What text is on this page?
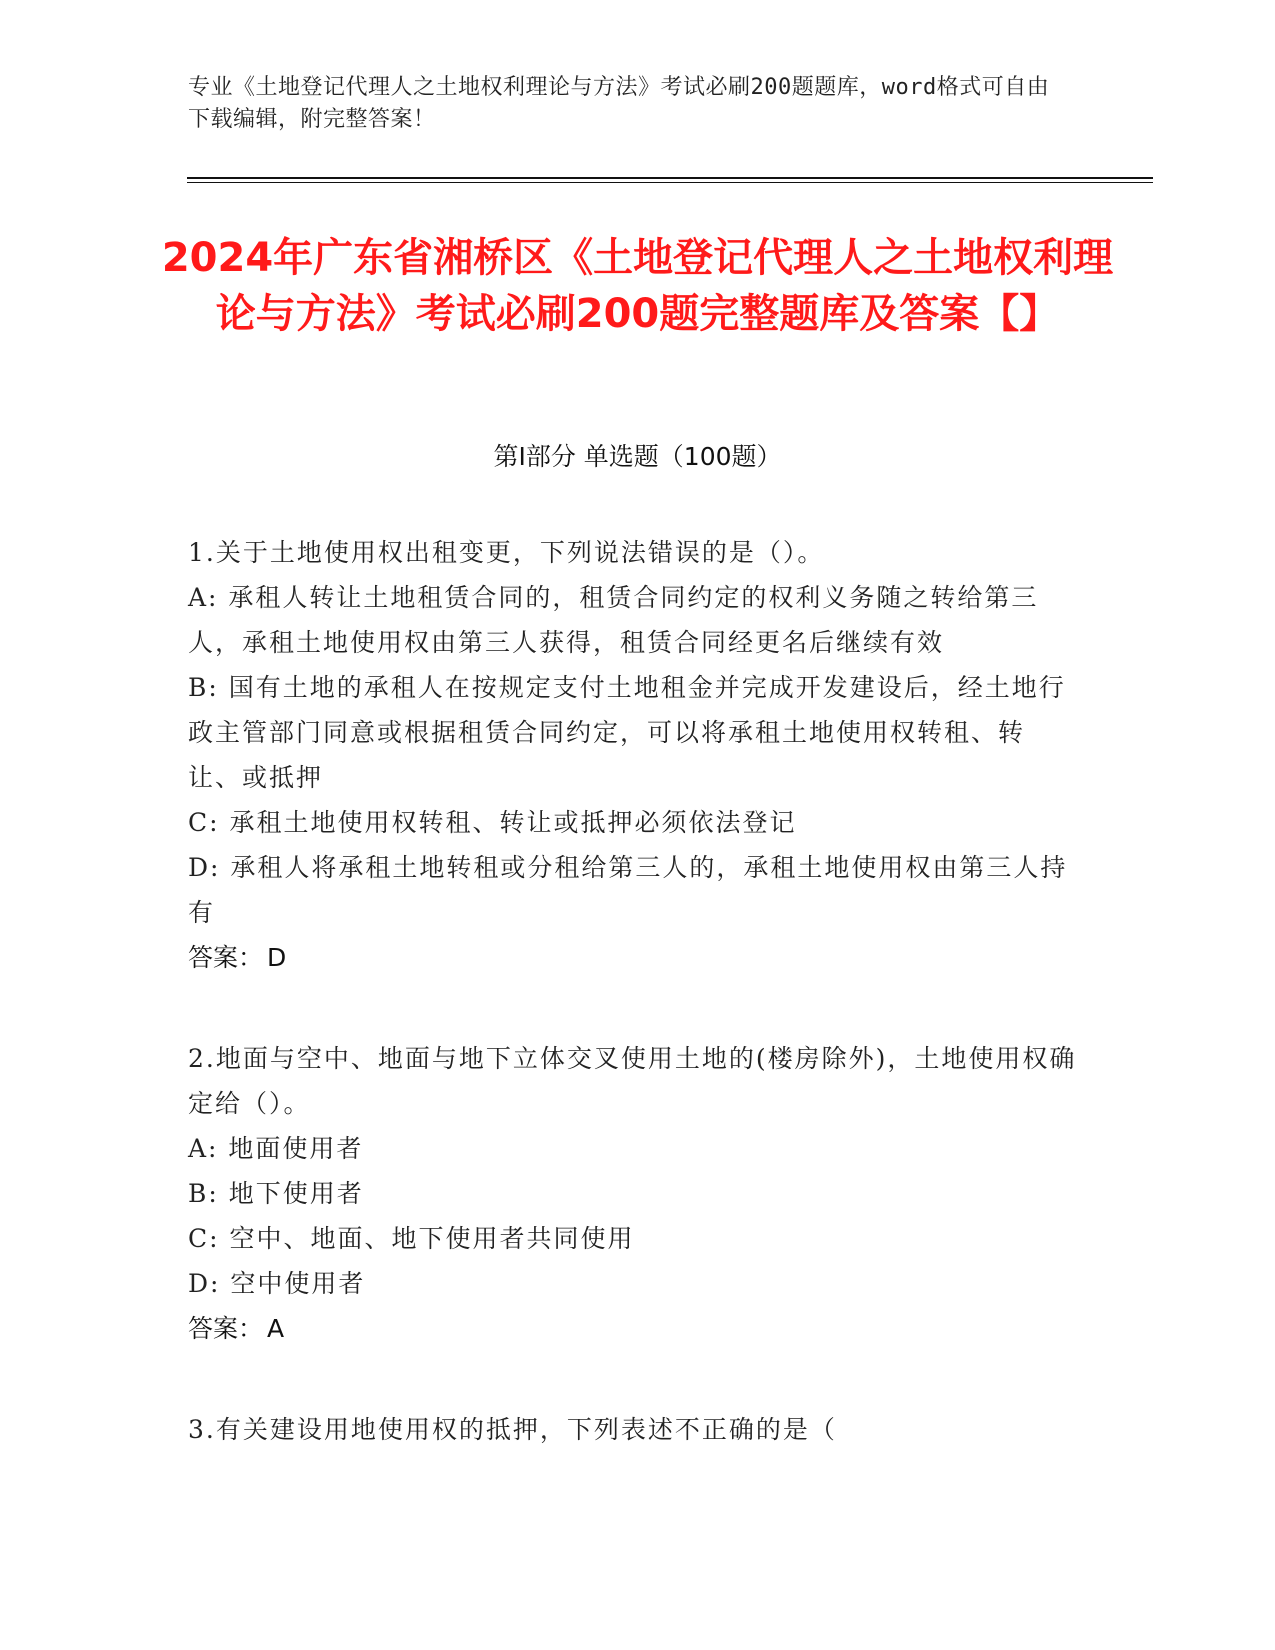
专业《土地登记代理人之土地权利理论与方法》考试必刷200题题库，word格式可自由下载编辑，附完整答案！
2024年广东省湘桥区《土地登记代理人之土地权利理论与方法》考试必刷200题完整题库及答案【】
第Ⅰ部分 单选题（100题）
1.关于土地使用权出租变更，下列说法错误的是（）。
A: 承租人转让土地租赁合同的，租赁合同约定的权利义务随之转给第三人，承租土地使用权由第三人获得，租赁合同经更名后继续有效
B: 国有土地的承租人在按规定支付土地租金并完成开发建设后，经土地行政主管部门同意或根据租赁合同约定，可以将承租土地使用权转租、转让、或抵押
C: 承租土地使用权转租、转让或抵押必须依法登记
D: 承租人将承租土地转租或分租给第三人的，承租土地使用权由第三人持有
答案： D
2.地面与空中、地面与地下立体交叉使用土地的(楼房除外)，土地使用权确定给（）。
A: 地面使用者
B: 地下使用者
C: 空中、地面、地下使用者共同使用
D: 空中使用者
答案： A
3.有关建设用地使用权的抵押，下列表述不正确的是（
